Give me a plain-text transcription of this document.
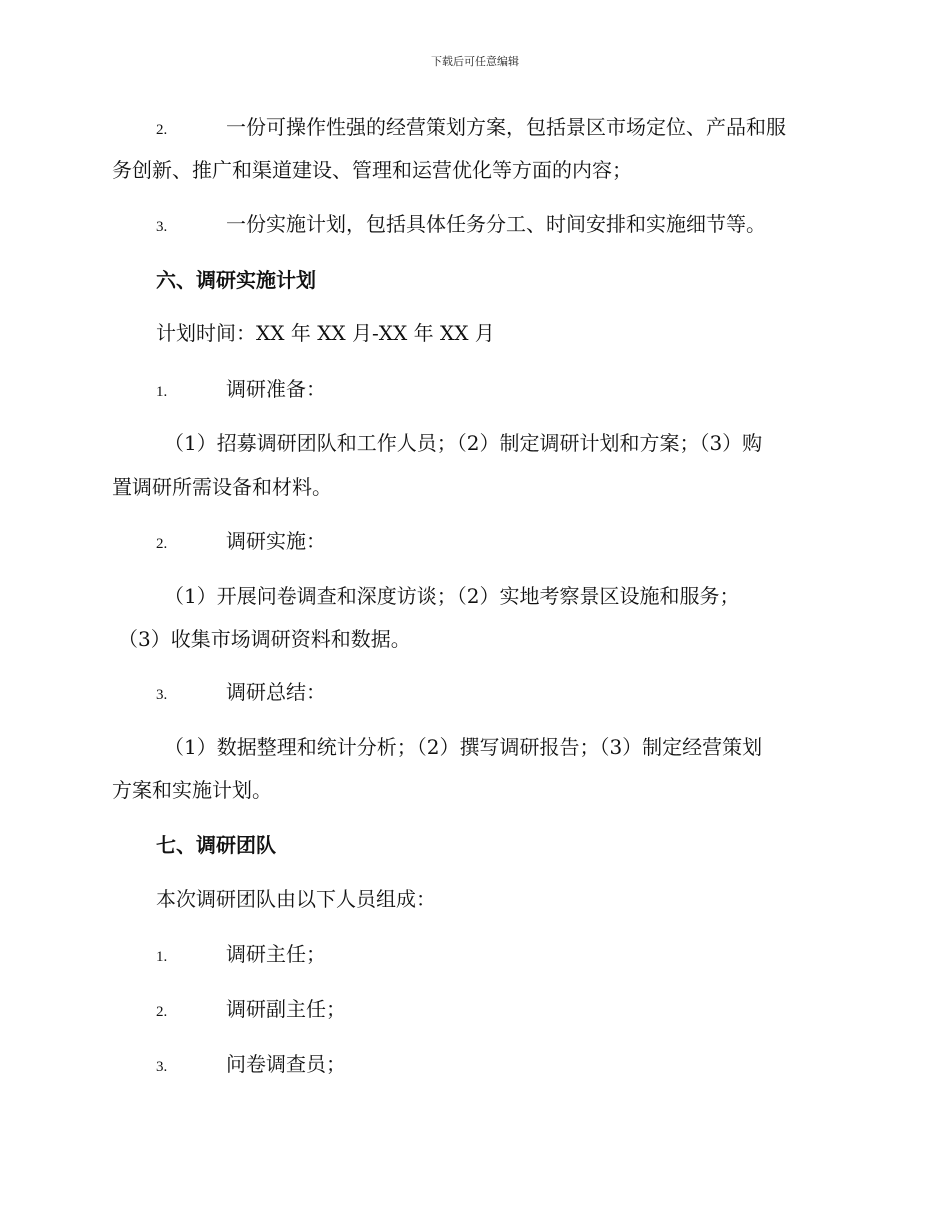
下载后可任意编辑
2.	一份可操作性强的经营策划方案，包括景区市场定位、产品和服
务创新、推广和渠道建设、管理和运营优化等方面的内容；
3.	一份实施计划，包括具体任务分工、时间安排和实施细节等。
六、调研实施计划
计划时间：XX 年 XX 月-XX 年 XX 月
1.	调研准备：
（1）招募调研团队和工作人员；（2）制定调研计划和方案；（3）购
置调研所需设备和材料。
2.	调研实施：
（1）开展问卷调查和深度访谈；（2）实地考察景区设施和服务；
（3）收集市场调研资料和数据。
3.	调研总结：
（1）数据整理和统计分析；（2）撰写调研报告；（3）制定经营策划
方案和实施计划。
七、调研团队
本次调研团队由以下人员组成：
1.	调研主任；
2.	调研副主任；
3.	问卷调查员；
